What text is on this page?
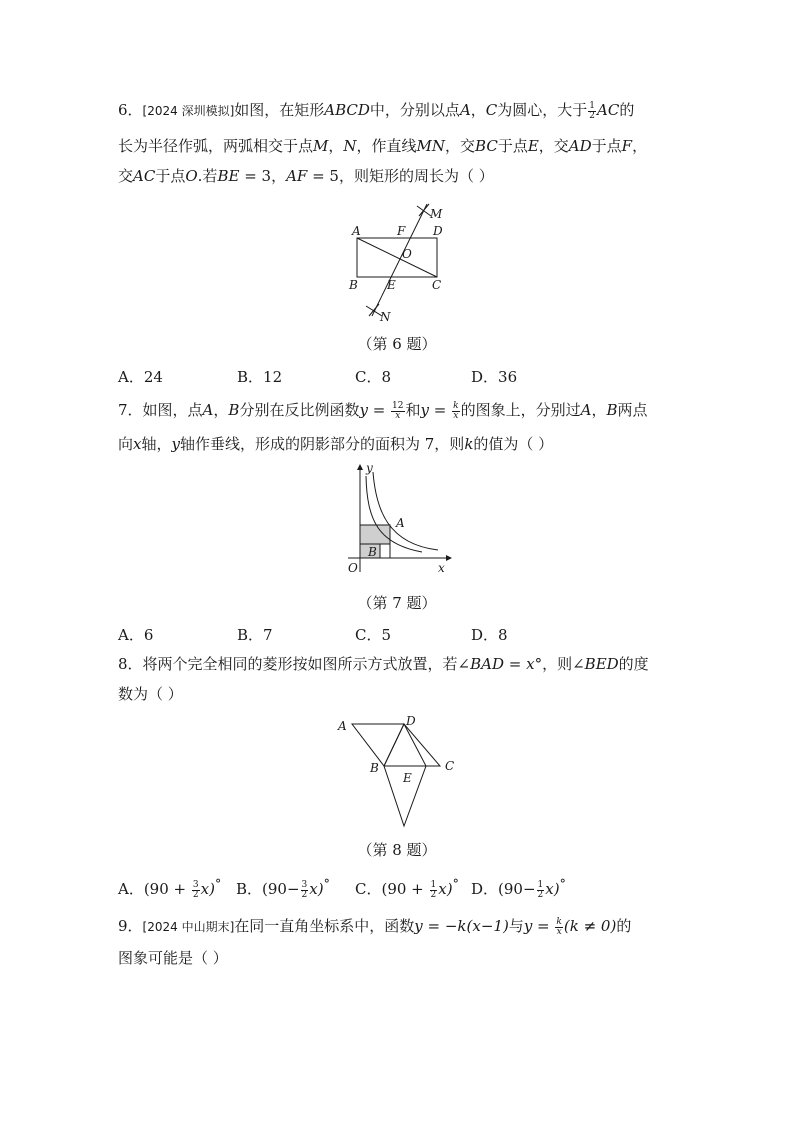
6．[2024 深圳模拟]如图，在矩形ABCD中，分别以点A，C为圆心，大于 $\frac{1}{2}$ AC的
长为半径作弧，两弧相交于点M，N，作直线MN，交BC于点E，交AD于点F，
交AC于点O.若BE = 3，AF = 5，则矩形的周长为（ ）
M
A	F D
O
B E	C
N
（第 6 题）
A．24	B．12	C．8	D．36
7．如图，点A，B分别在反比例函数$y = \frac{12}{x}$ 和$y = \frac{k}{x}$ 的图象上，分别过A，B两点
向x轴，y轴作垂线，形成的阴影部分的面积为 7，则k的值为（ ）
y
A
B
O	x
（第 7 题）
A．6	B．7	C．5	D．8
8．将两个完全相同的菱形按如图所示方式放置，若∠BAD = x°，则∠BED的度
数为（ ）
A	D
B
E
C
（第 8 题）
A．$(90 + \frac{3}{2} x)^\circ$ B．$(90- \frac{3}{2} x)^\circ$ C．$(90 + \frac{1}{2} x)^\circ$ D．$(90- \frac{1}{2} x)^\circ$
9．[2024 中山期末]在同一直角坐标系中，函数y = −k(x−1)与$y = \frac{k}{x} (k \ne 0)$的
图象可能是（ ）
